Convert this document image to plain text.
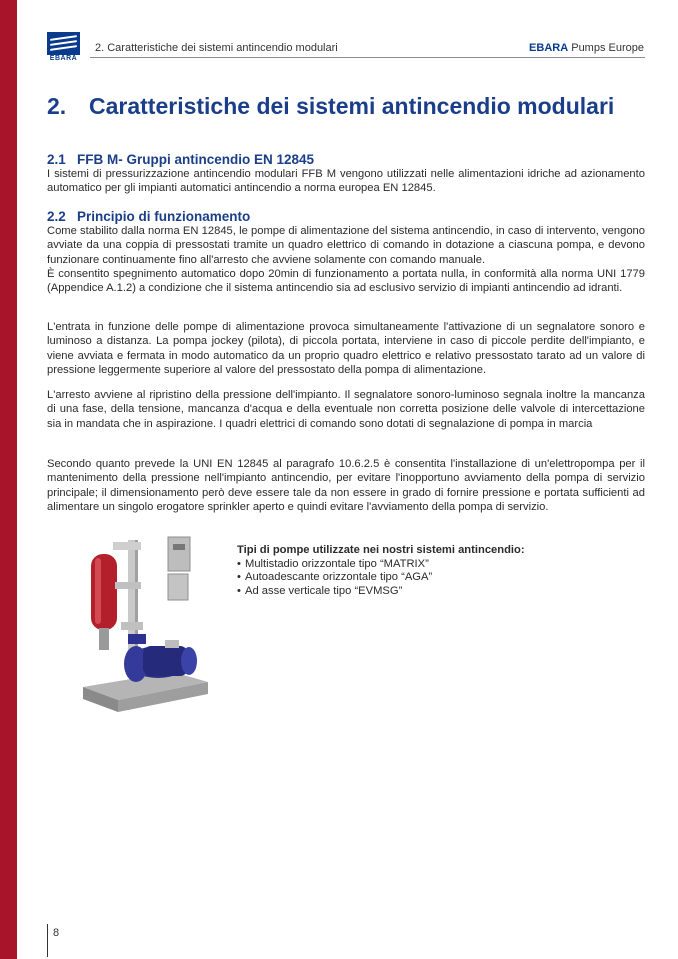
EBARA
2. Caratteristiche dei sistemi antincendio modulari	EBARA Pumps Europe
2. Caratteristiche dei sistemi antincendio modulari
2.1 FFB M- Gruppi antincendio EN 12845

I sistemi di pressurizzazione antincendio modulari FFB M vengono utilizzati nelle alimentazioni idriche ad azionamento automatico per gli impianti automatici antincendio a norma europea EN 12845.

2.2 Principio di funzionamento

Come stabilito dalla norma EN 12845, le pompe di alimentazione del sistema antincendio, in caso di intervento, vengono avviate da una coppia di pressostati tramite un quadro elettrico di comando in dotazione a ciascuna pompa, e devono funzionare continuamente fino all'arresto che avviene solamente con comando manuale.

È consentito spegnimento automatico dopo 20min di funzionamento a portata nulla, in conformità alla norma UNI 1779 (Appendice A.1.2) a condizione che il sistema antincendio sia ad esclusivo servizio di impianti antincendio ad idranti.

L'entrata in funzione delle pompe di alimentazione provoca simultaneamente l'attivazione di un segnalatore sonoro e luminoso a distanza. La pompa jockey (pilota), di piccola portata, interviene in caso di piccole perdite dell'impianto, e viene avviata e fermata in modo automatico da un proprio quadro elettrico e relativo pressostato tarato ad un valore di pressione leggermente superiore al valore del pressostato della pompa di alimentazione.

L'arresto avviene al ripristino della pressione dell'impianto. Il segnalatore sonoro-luminoso segnala inoltre la mancanza di una fase, della tensione, mancanza d'acqua e della eventuale non corretta posizione delle valvole di intercettazione sia in mandata che in aspirazione. I quadri elettrici di comando sono dotati di segnalazione di pompa in marcia

Secondo quanto prevede la UNI EN 12845 al paragrafo 10.6.2.5 è consentita l'installazione di un'elettropompa per il mantenimento della pressione nell'impianto antincendio, per evitare l'inopportuno avviamento della pompa di servizio principale; il dimensionamento però deve essere tale da non essere in grado di fornire pressione e portata sufficienti ad alimentare un singolo erogatore sprinkler aperto e quindi evitare l'avviamento della pompa di servizio.

Tipi di pompe utilizzate nei nostri sistemi antincendio:
• Multistadio orizzontale tipo “MATRIX”
• Autoadescante orizzontale tipo “AGA”
• Ad asse verticale tipo “EVMSG”
8
